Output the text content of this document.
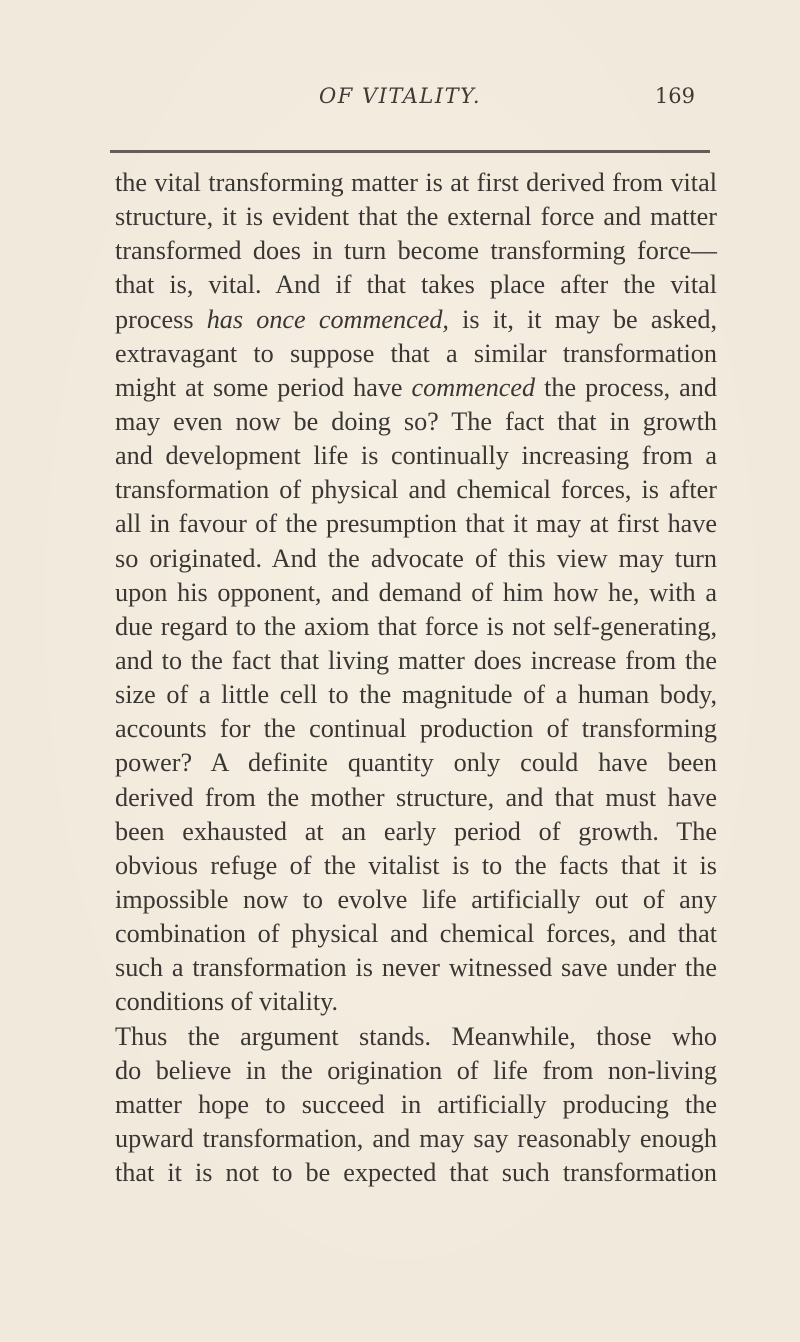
OF VITALITY.	169
the vital transforming matter is at first derived from vital
structure, it is evident that the external force and matter
transformed does in turn become transforming force—
that is, vital. And if that takes place after the vital
process has once commenced, is it, it may be asked,
extravagant to suppose that a similar transformation
might at some period have commenced the process, and
may even now be doing so? The fact that in growth
and development life is continually increasing from a
transformation of physical and chemical forces, is after
all in favour of the presumption that it may at first have
so originated. And the advocate of this view may turn
upon his opponent, and demand of him how he, with a
due regard to the axiom that force is not self-generating,
and to the fact that living matter does increase from the
size of a little cell to the magnitude of a human body,
accounts for the continual production of transforming
power? A definite quantity only could have been
derived from the mother structure, and that must have
been exhausted at an early period of growth. The
obvious refuge of the vitalist is to the facts that it is
impossible now to evolve life artificially out of any
combination of physical and chemical forces, and that
such a transformation is never witnessed save under the
conditions of vitality.
Thus the argument stands. Meanwhile, those who
do believe in the origination of life from non-living
matter hope to succeed in artificially producing the
upward transformation, and may say reasonably enough
that it is not to be expected that such transformation
